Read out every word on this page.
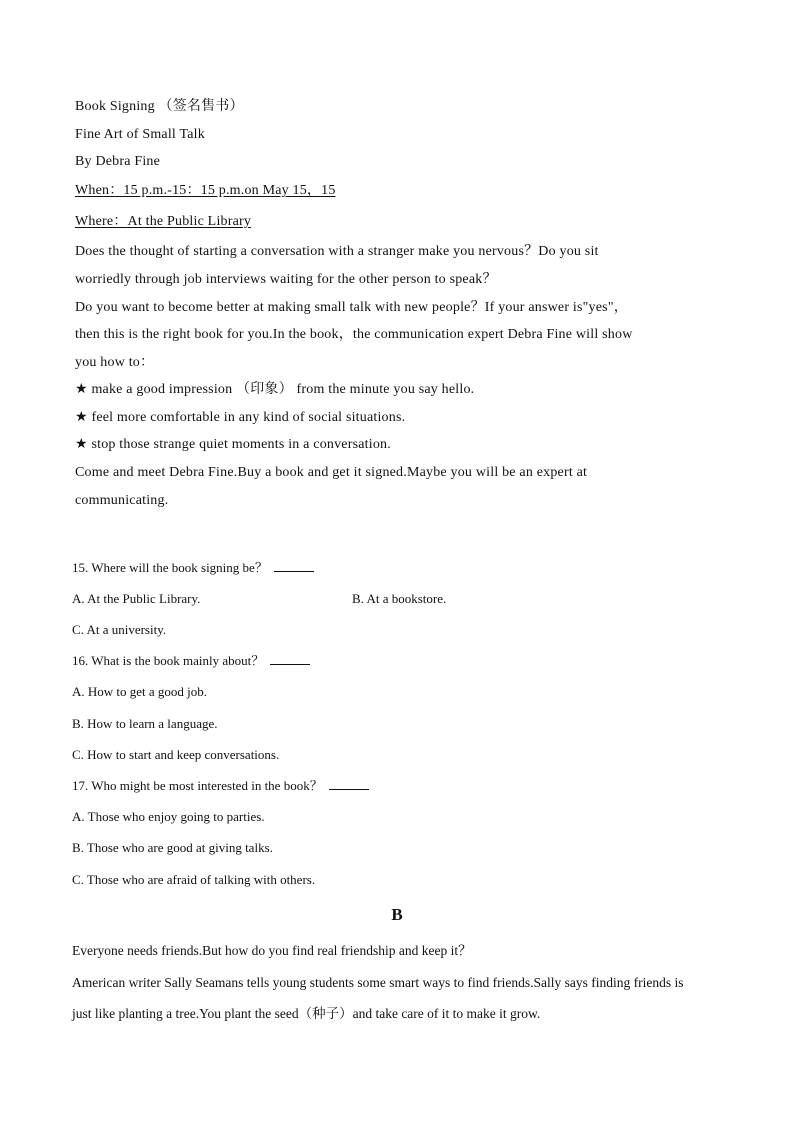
Book Signing （签名售书）
Fine Art of Small Talk
By Debra Fine
When：15 p.m.-15：15 p.m.on May 15，15
Where：At the Public Library
Does the thought of starting a conversation with a stranger make you nervous？Do you sit
worriedly through job interviews waiting for the other person to speak？
Do you want to become better at making small talk with new people？If your answer is"yes"，
then this is the right book for you.In the book，the communication expert Debra Fine will show
you how to：
★ make a good impression （印象） from the minute you say hello.
★ feel more comfortable in any kind of social situations.
★ stop those strange quiet moments in a conversation.
Come and meet Debra Fine.Buy a book and get it signed.Maybe you will be an expert at
communicating.
15. Where will the book signing be？
A. At the Public Library.	B. At a bookstore.
C. At a university.
16. What is the book mainly about？
A. How to get a good job.
B. How to learn a language.
C. How to start and keep conversations.
17. Who might be most interested in the book？
A. Those who enjoy going to parties.
B. Those who are good at giving talks.
C. Those who are afraid of talking with others.
B
Everyone needs friends.But how do you find real friendship and keep it？
American writer Sally Seamans tells young students some smart ways to find friends.Sally says finding friends is
just like planting a tree.You plant the seed（种子）and take care of it to make it grow.
